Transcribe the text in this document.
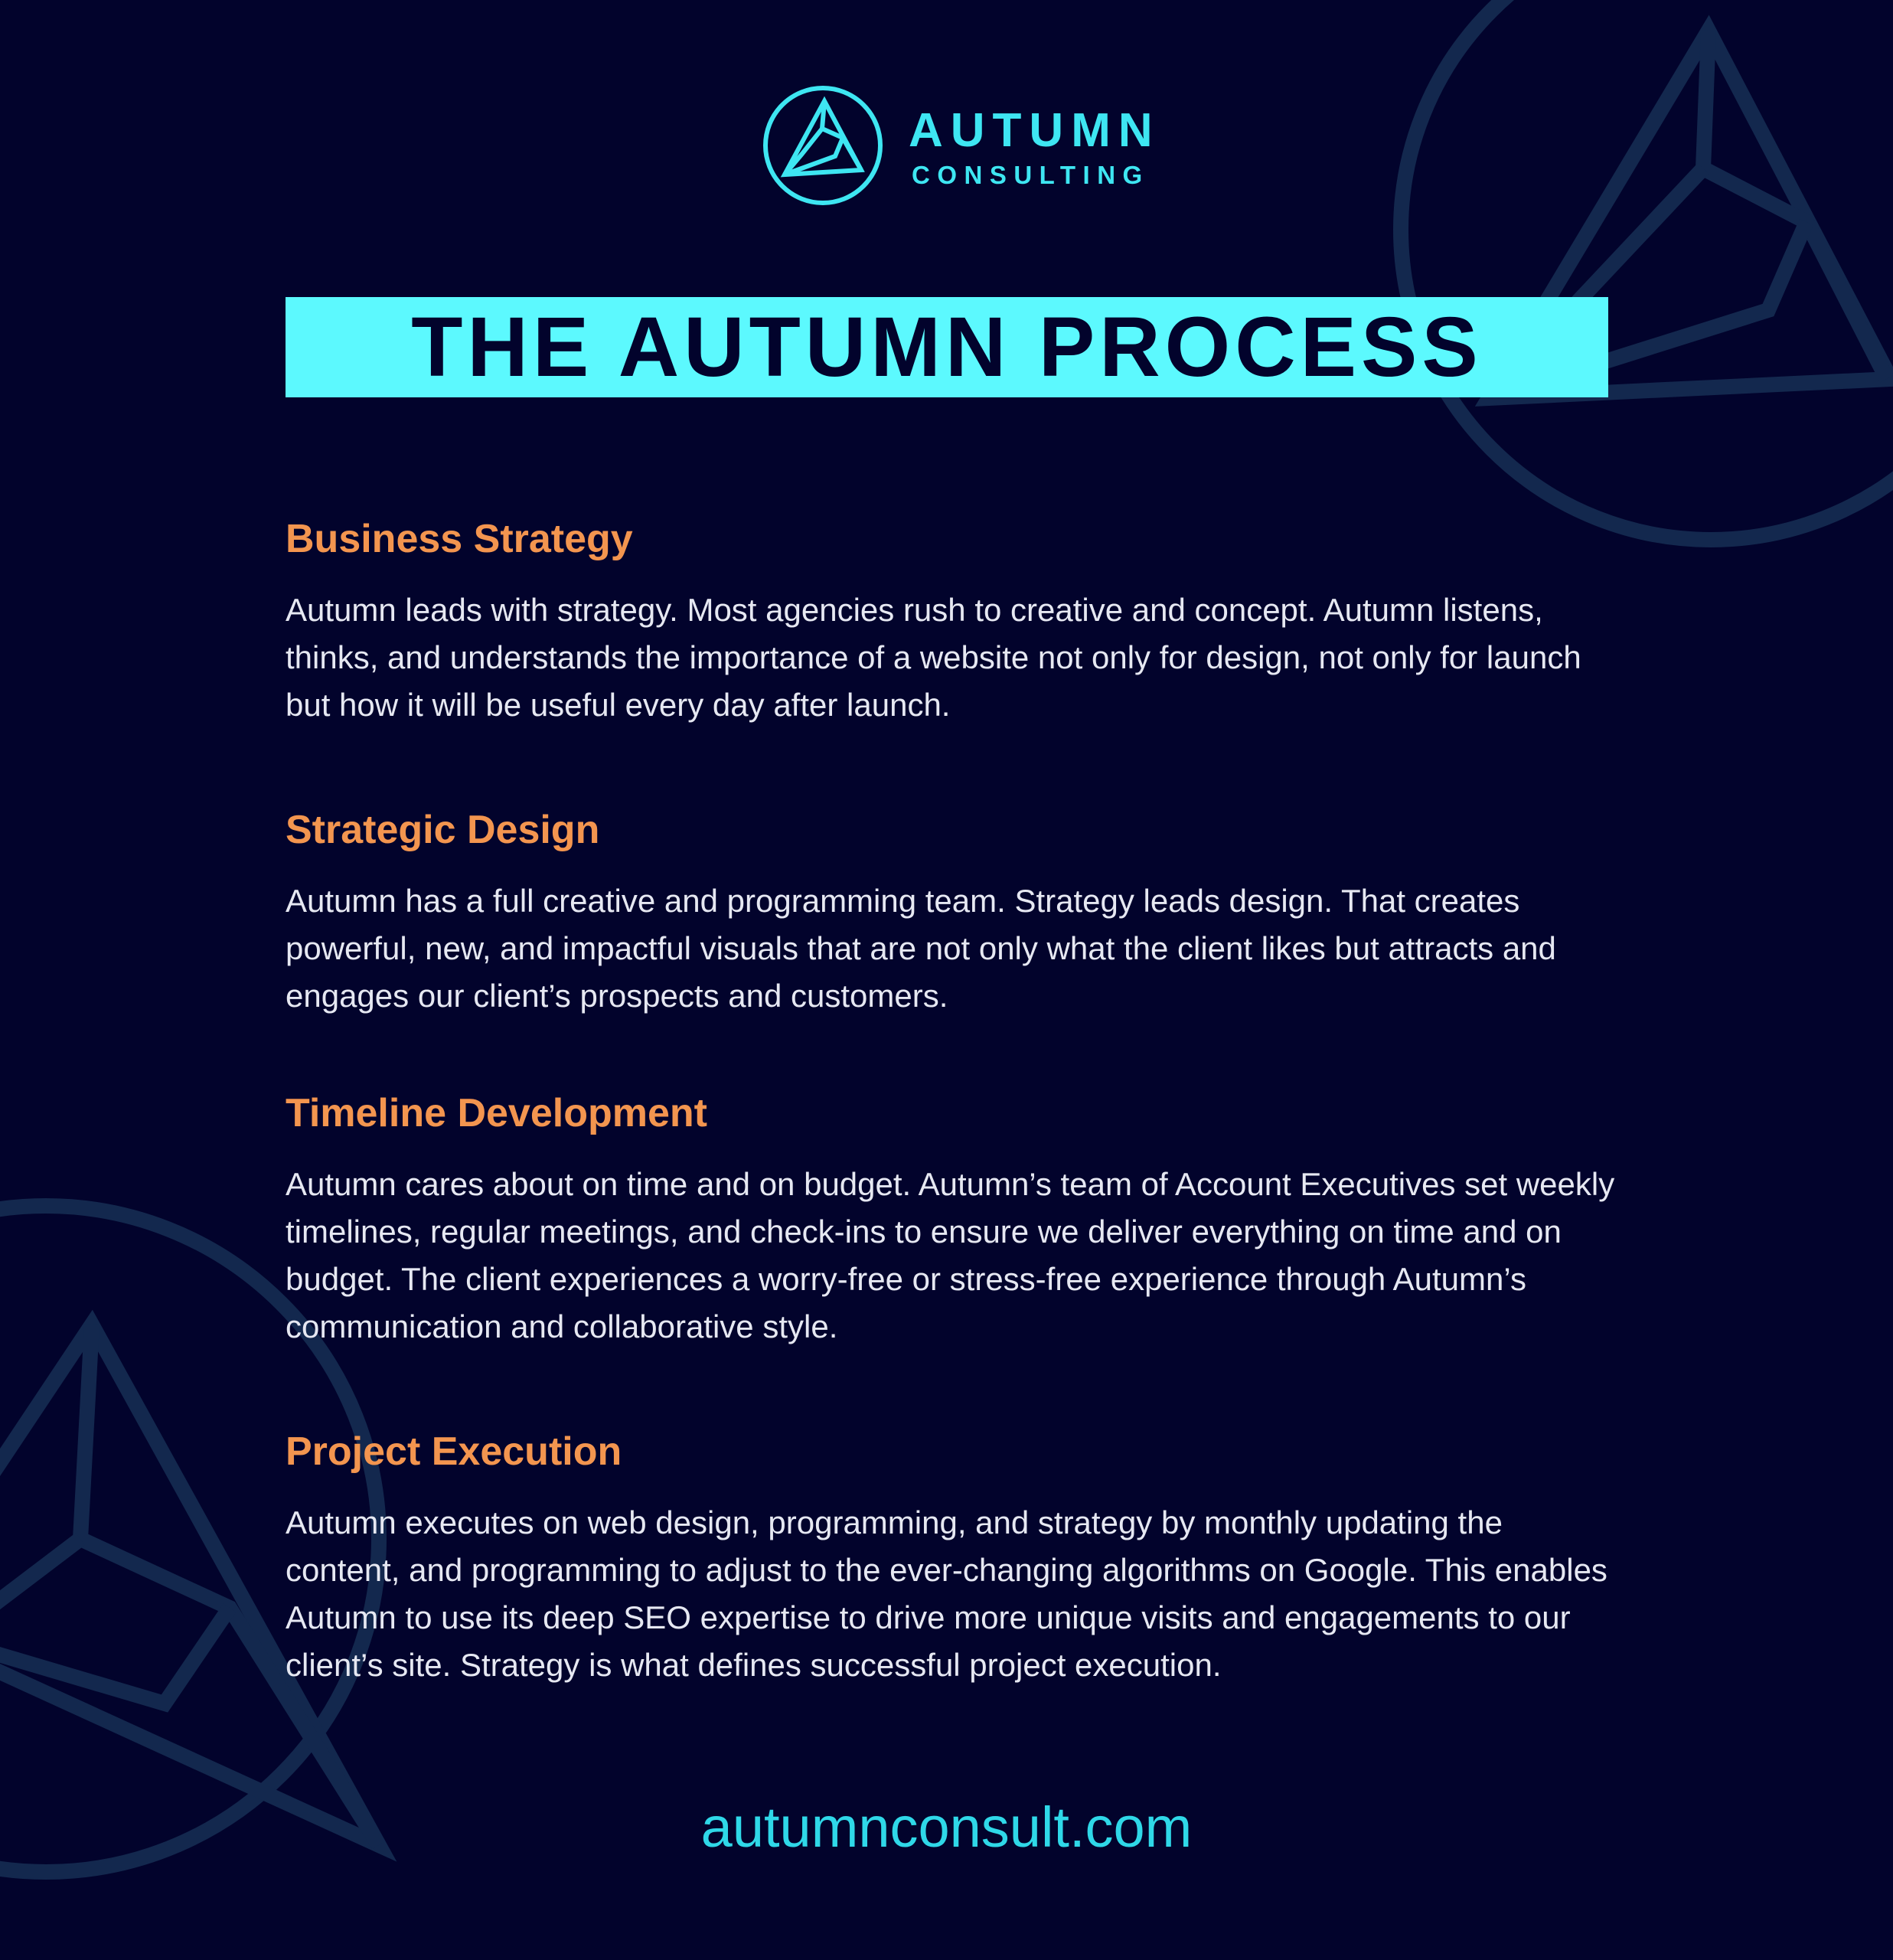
AUTUMN
CONSULTING
THE AUTUMN PROCESS
Business Strategy

Autumn leads with strategy. Most agencies rush to creative and concept. Autumn listens, thinks, and understands the importance of a website not only for design, not only for launch but how it will be useful every day after launch.

Strategic Design

Autumn has a full creative and programming team. Strategy leads design. That creates powerful, new, and impactful visuals that are not only what the client likes but attracts and engages our client’s prospects and customers.

Timeline Development

Autumn cares about on time and on budget. Autumn’s team of Account Executives set weekly timelines, regular meetings, and check-ins to ensure we deliver everything on time and on budget. The client experiences a worry-free or stress-free experience through Autumn’s communication and collaborative style.

Project Execution

Autumn executes on web design, programming, and strategy by monthly updating the content, and programming to adjust to the ever-changing algorithms on Google. This enables Autumn to use its deep SEO expertise to drive more unique visits and engagements to our client’s site. Strategy is what defines successful project execution.

autumnconsult.com
